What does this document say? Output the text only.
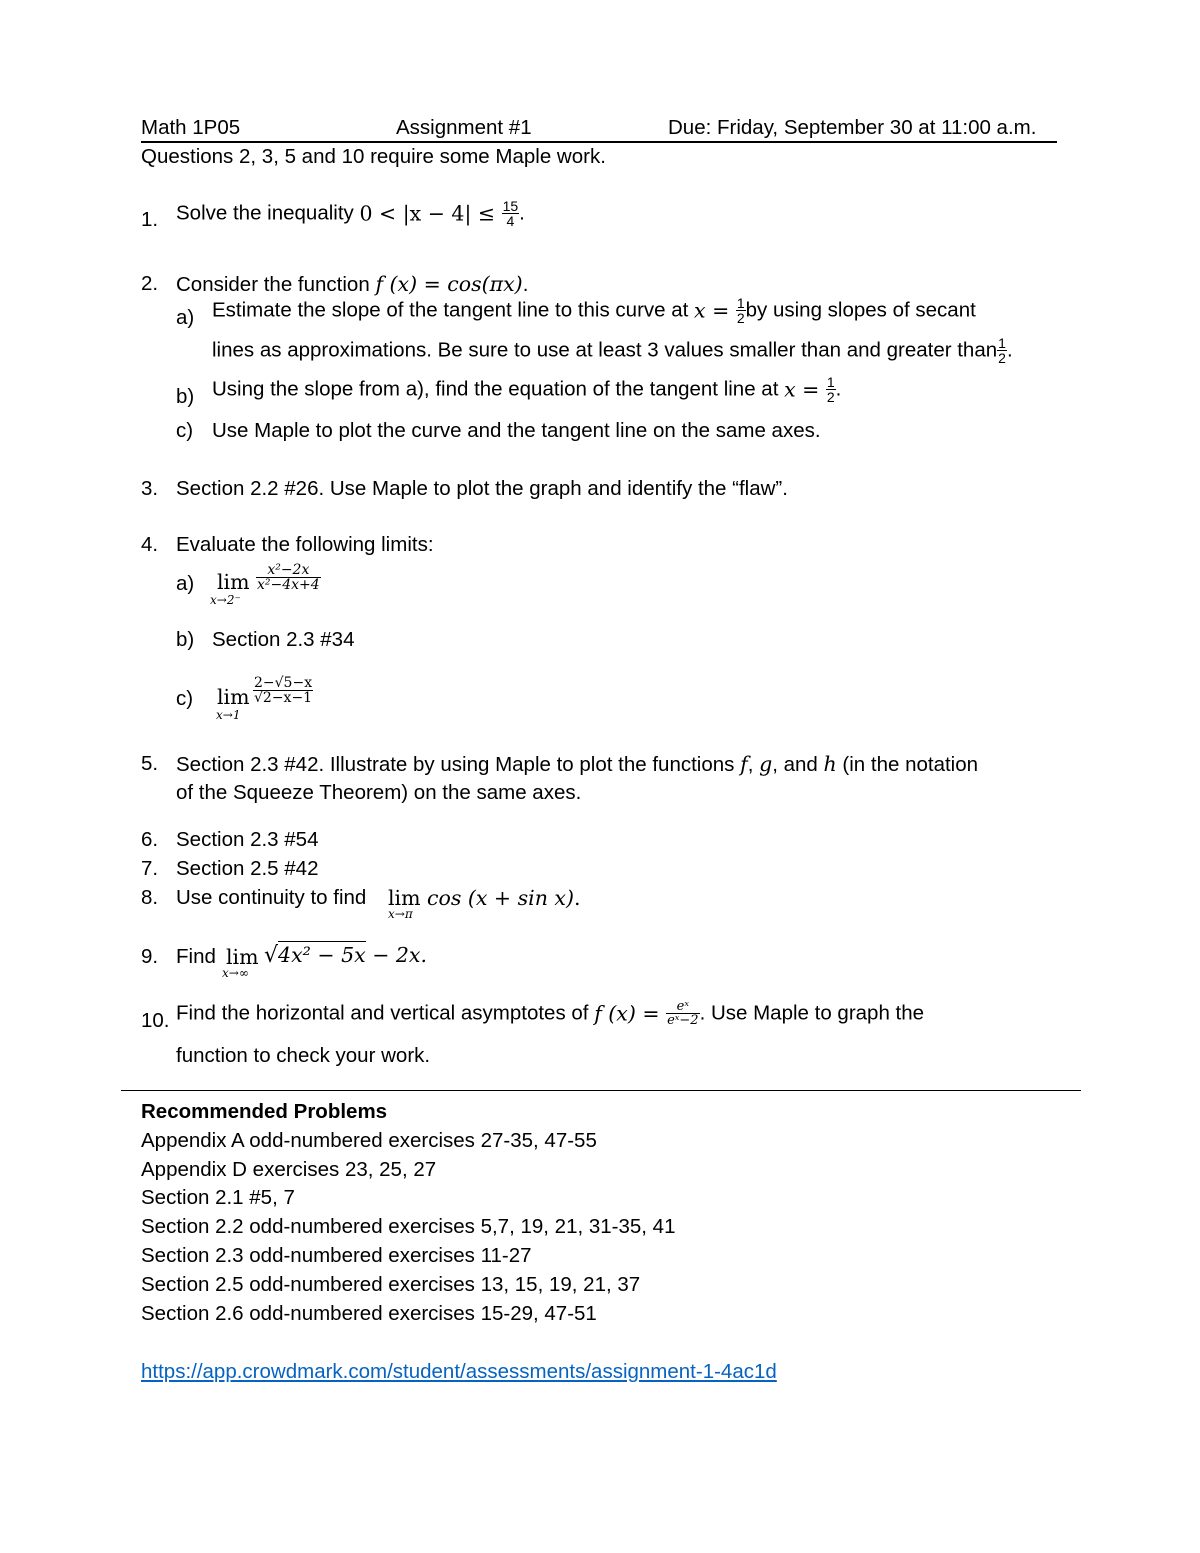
Math 1P05	Assignment #1	Due: Friday, September 30 at 11:00 a.m.
Questions 2, 3, 5 and 10 require some Maple work.
1. Solve the inequality $0 < |x - 4| \le \frac{15}{4}$ .
2. Consider the function f (x) = cos(πx).
a) Estimate the slope of the tangent line to this curve at $x = \frac{1}{2}$ by using slopes of secant
lines as approximations. Be sure to use at least 3 values smaller than and greater than $\frac{1}{2}$ .
b) Using the slope from a), find the equation of the tangent line at $x = \frac{1}{2}$ .
c) Use Maple to plot the curve and the tangent line on the same axes.
3. Section 2.2 #26. Use Maple to plot the graph and identify the “flaw”.
4. Evaluate the following limits:
a) lim
x→2⁻
$\frac{\text{x²−2x}}{\text{x²−4x+4}}$
b) Section 2.3 #34
c) lim
x→1
$\frac{2-√5-x}{√2-x-1}$
5. Section 2.3 #42. Illustrate by using Maple to plot the functions f, g, and h (in the notation
of the Squeeze Theorem) on the same axes.
6. Section 2.3 #54
7. Section 2.5 #42
8. Use continuity to find lim
x→π
cos (x + sin x).
9. Find lim
x→∞
√4x² − 5x − 2x.
10. Find the horizontal and vertical asymptotes of f $(x) = \frac{\text{eˣ}}{\text{eˣ−2}}$ . Use Maple to graph the
function to check your work.
Recommended Problems
Appendix A odd-numbered exercises 27-35, 47-55
Appendix D exercises 23, 25, 27
Section 2.1 #5, 7
Section 2.2 odd-numbered exercises 5,7, 19, 21, 31-35, 41
Section 2.3 odd-numbered exercises 11-27
Section 2.5 odd-numbered exercises 13, 15, 19, 21, 37
Section 2.6 odd-numbered exercises 15-29, 47-51
https://app.crowdmark.com/student/assessments/assignment-1-4ac1d
